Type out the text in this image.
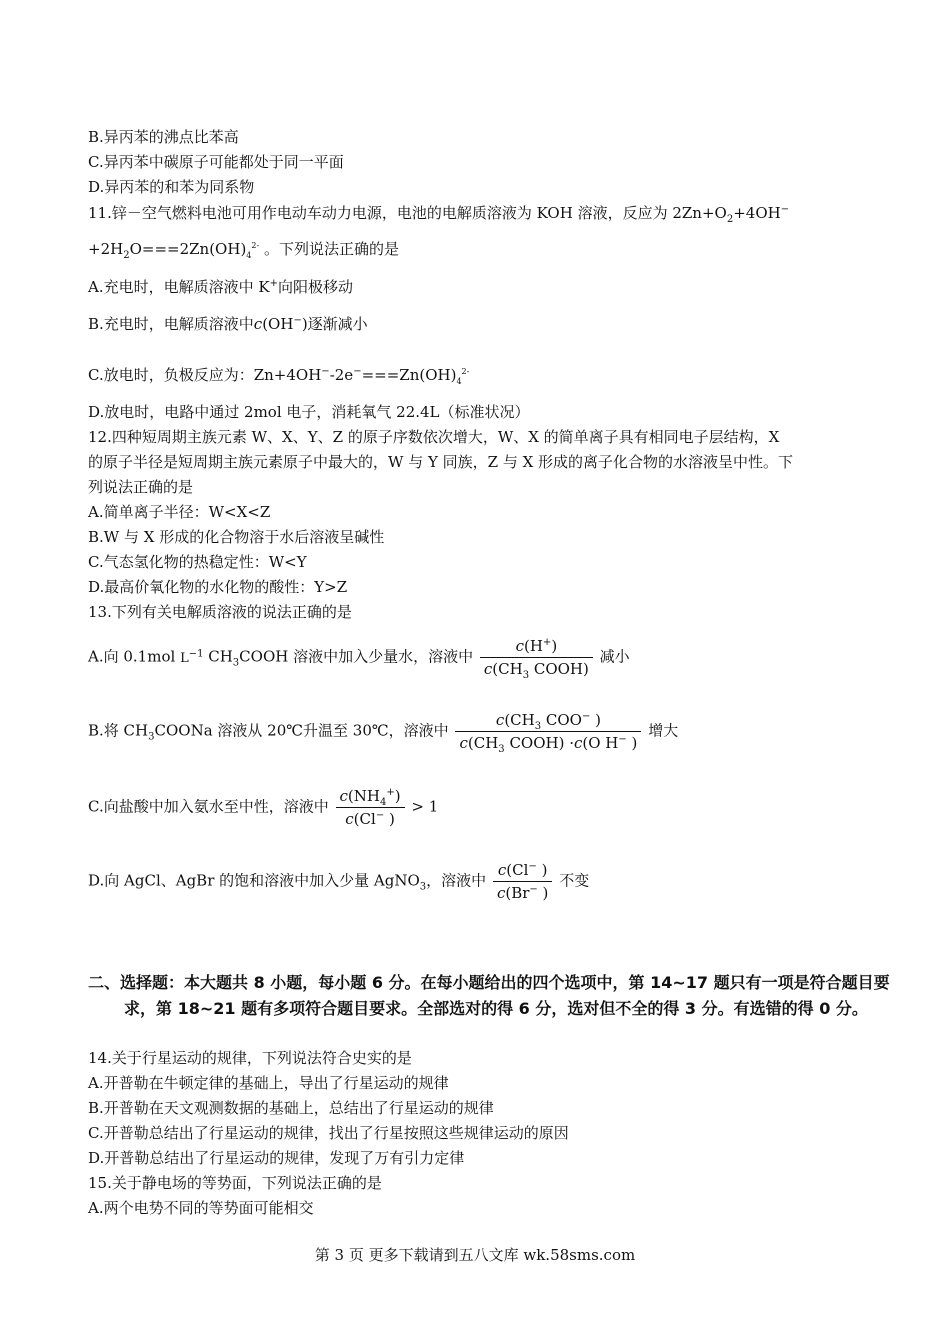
B.异丙苯的沸点比苯高
C.异丙苯中碳原子可能都处于同一平面
D.异丙苯的和苯为同系物
11.锌－空气燃料电池可用作电动车动力电源，电池的电解质溶液为 KOH 溶液，反应为 $2Zn+O_2+4OH^-$
$+2H_2O===2Zn(OH)_4^{2-}$ 。下列说法正确的是
A.充电时，电解质溶液中 K+向阳极移动
B.充电时，电解质溶液中c(OH−)逐渐减小
C.放电时，负极反应为：$Zn+4OH^--2e^-===Zn(OH)_4^{2-}$
D.放电时，电路中通过 2mol 电子，消耗氧气 22.4L（标准状况）
12.四种短周期主族元素 W、X、Y、Z 的原子序数依次增大，W、X 的简单离子具有相同电子层结构，X
的原子半径是短周期主族元素原子中最大的，W 与 Y 同族，Z 与 X 形成的离子化合物的水溶液呈中性。下
列说法正确的是
A.简单离子半径：W<X<Z
B.W 与 X 形成的化合物溶于水后溶液呈碱性
C.气态氢化物的热稳定性：W<Y
D.最高价氧化物的水化物的酸性：Y>Z
13.下列有关电解质溶液的说法正确的是
A.向 0.1mol $L^{-1}$ $CH_3COOH$ 溶液中加入少量水，溶液中 $\frac{c(H^+)}{c(CH_3 COOH)}$ 减小
B.将 $CH_3COONa$ 溶液从 20℃升温至 30℃，溶液中 $\frac{c(CH_3 COO^- )}{c(CH_3 COOH) \cdot c(O H^- )}$ 增大
C.向盐酸中加入氨水至中性，溶液中 $\frac{c(NH_4^+)}{c(Cl^- )} > 1$
D.向 AgCl、AgBr 的饱和溶液中加入少量 AgNO$_3$，溶液中 $\frac{c(Cl^- )}{c(Br^- )}$ 不变
二、选择题：本大题共 8 小题，每小题 6 分。在每小题给出的四个选项中，第 14~17 题只有一项是符合题目要求，第 18~21 题有多项符合题目要求。全部选对的得 6 分，选对但不全的得 3 分。有选错的得 0 分。
14.关于行星运动的规律，下列说法符合史实的是
A.开普勒在牛顿定律的基础上，导出了行星运动的规律
B.开普勒在天文观测数据的基础上，总结出了行星运动的规律
C.开普勒总结出了行星运动的规律，找出了行星按照这些规律运动的原因
D.开普勒总结出了行星运动的规律，发现了万有引力定律
15.关于静电场的等势面，下列说法正确的是
A.两个电势不同的等势面可能相交
第 3 页 更多下载请到五八文库 wk.58sms.com
